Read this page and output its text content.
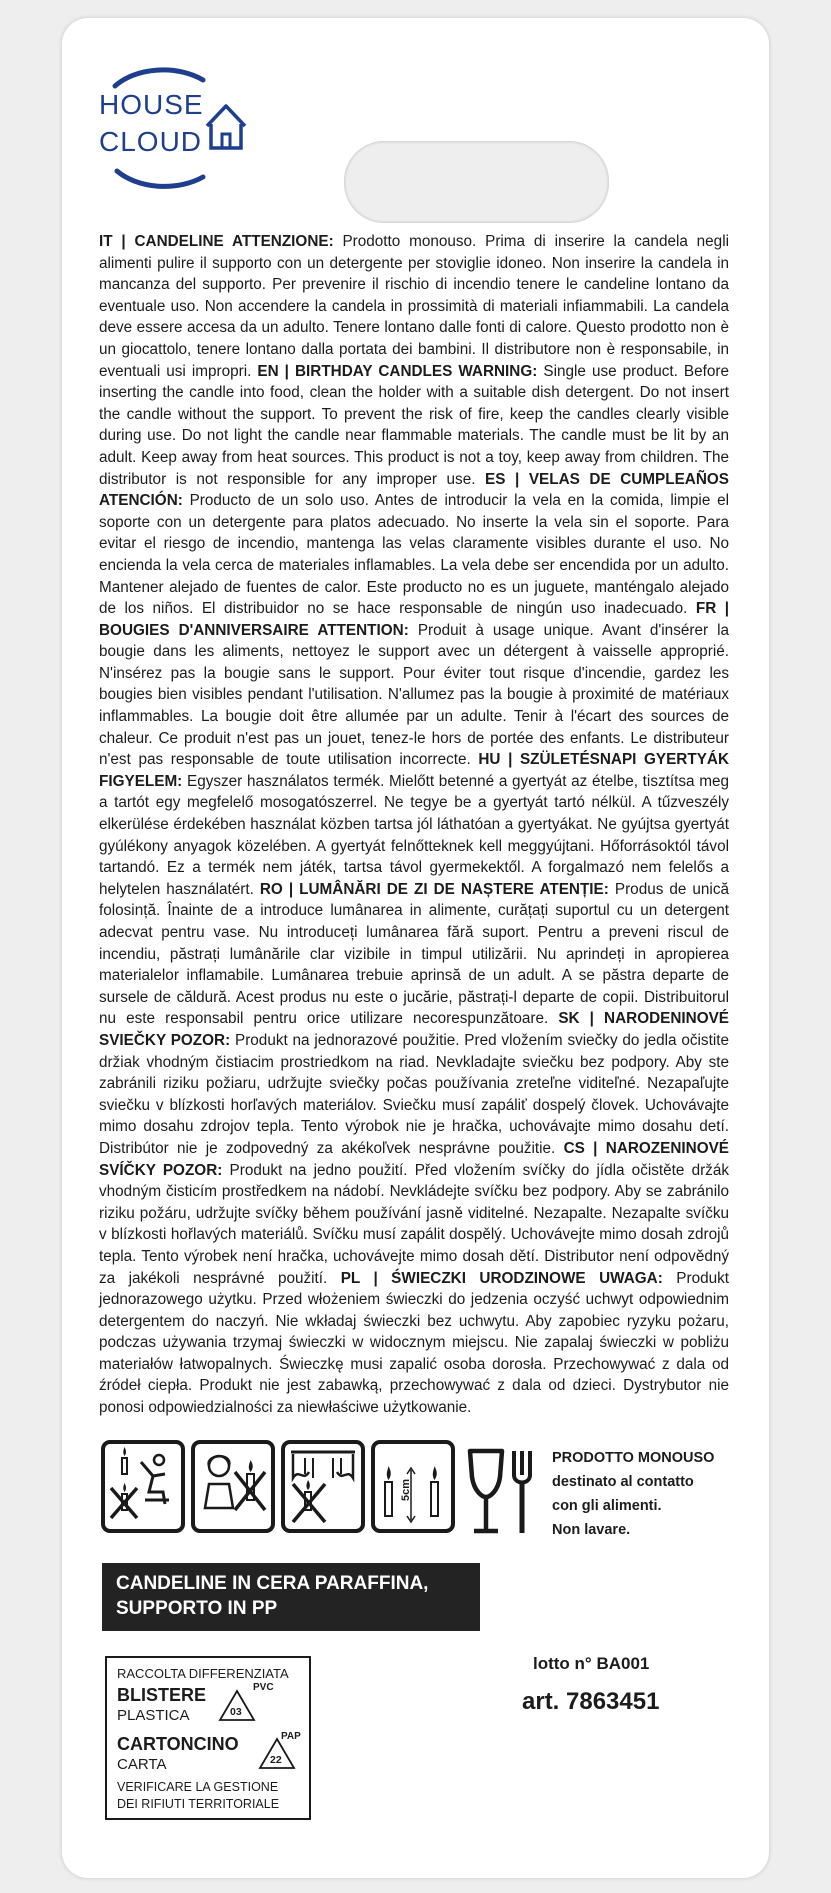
HOUSE
CLOUD
IT | CANDELINE ATTENZIONE: Prodotto monouso. Prima di inserire la candela negli alimenti pulire il supporto con un detergente per stoviglie idoneo. Non inserire la candela in mancanza del supporto. Per prevenire il rischio di incendio tenere le candeline lontano da eventuale uso. Non accendere la candela in prossimità di materiali infiammabili. La candela deve essere accesa da un adulto. Tenere lontano dalle fonti di calore. Questo prodotto non è un giocattolo, tenere lontano dalla portata dei bambini. Il distributore non è responsabile, in eventuali usi impropri. EN | BIRTHDAY CANDLES WARNING: Single use product. Before inserting the candle into food, clean the holder with a suitable dish detergent. Do not insert the candle without the support. To prevent the risk of fire, keep the candles clearly visible during use. Do not light the candle near flammable materials. The candle must be lit by an adult. Keep away from heat sources. This product is not a toy, keep away from children. The distributor is not responsible for any improper use. ES | VELAS DE CUMPLEAÑOS ATENCIÓN: Producto de un solo uso. Antes de introducir la vela en la comida, limpie el soporte con un detergente para platos adecuado. No inserte la vela sin el soporte. Para evitar el riesgo de incendio, mantenga las velas claramente visibles durante el uso. No encienda la vela cerca de materiales inflamables. La vela debe ser encendida por un adulto. Mantener alejado de fuentes de calor. Este producto no es un juguete, manténgalo alejado de los niños. El distribuidor no se hace responsable de ningún uso inadecuado. FR | BOUGIES D'ANNIVERSAIRE ATTENTION: Produit à usage unique. Avant d'insérer la bougie dans les aliments, nettoyez le support avec un détergent à vaisselle approprié. N'insérez pas la bougie sans le support. Pour éviter tout risque d'incendie, gardez les bougies bien visibles pendant l'utilisation. N'allumez pas la bougie à proximité de matériaux inflammables. La bougie doit être allumée par un adulte. Tenir à l'écart des sources de chaleur. Ce produit n'est pas un jouet, tenez-le hors de portée des enfants. Le distributeur n'est pas responsable de toute utilisation incorrecte. HU | SZÜLETÉSNAPI GYERTYÁK FIGYELEM: Egyszer használatos termék. Mielőtt betenné a gyertyát az ételbe, tisztítsa meg a tartót egy megfelelő mosogatószerrel. Ne tegye be a gyertyát tartó nélkül. A tűzveszély elkerülése érdekében használat közben tartsa jól láthatóan a gyertyákat. Ne gyújtsa gyertyát gyúlékony anyagok közelében. A gyertyát felnőtteknek kell meggyújtani. Hőforrásoktól távol tartandó. Ez a termék nem játék, tartsa távol gyermekektől. A forgalmazó nem felelős a helytelen használatért. RO | LUMÂNĂRI DE ZI DE NAȘTERE ATENȚIE: Produs de unică folosință. Înainte de a introduce lumânarea in alimente, curățați suportul cu un detergent adecvat pentru vase. Nu introduceți lumânarea fără suport. Pentru a preveni riscul de incendiu, păstrați lumânările clar vizibile in timpul utilizării. Nu aprindeți in apropierea materialelor inflamabile. Lumânarea trebuie aprinsă de un adult. A se păstra departe de sursele de căldură. Acest produs nu este o jucărie, păstrați-l departe de copii. Distribuitorul nu este responsabil pentru orice utilizare necorespunzătoare. SK | NARODENINOVÉ SVIEČKY POZOR: Produkt na jednorazové použitie. Pred vložením sviečky do jedla očistite držiak vhodným čistiacim prostriedkom na riad. Nevkladajte sviečku bez podpory. Aby ste zabránili riziku požiaru, udržujte sviečky počas používania zreteľne viditeľné. Nezapaľujte sviečku v blízkosti horľavých materiálov. Sviečku musí zapáliť dospelý človek. Uchovávajte mimo dosahu zdrojov tepla. Tento výrobok nie je hračka, uchovávajte mimo dosahu detí. Distribútor nie je zodpovedný za akékoľvek nesprávne použitie. CS | NAROZENINOVÉ SVÍČKY POZOR: Produkt na jedno použití. Před vložením svíčky do jídla očistěte držák vhodným čisticím prostředkem na nádobí. Nevkládejte svíčku bez podpory. Aby se zabránilo riziku požáru, udržujte svíčky během používání jasně viditelné. Nezapalte. Nezapalte svíčku v blízkosti hořlavých materiálů. Svíčku musí zapálit dospělý. Uchovávejte mimo dosah zdrojů tepla. Tento výrobek není hračka, uchovávejte mimo dosah dětí. Distributor není odpovědný za jakékoli nesprávné použití. PL | ŚWIECZKI URODZINOWE UWAGA: Produkt jednorazowego użytku. Przed włożeniem świeczki do jedzenia oczyść uchwyt odpowiednim detergentem do naczyń. Nie wkładaj świeczki bez uchwytu. Aby zapobiec ryzyku pożaru, podczas używania trzymaj świeczki w widocznym miejscu. Nie zapalaj świeczki w pobliżu materiałów łatwopalnych. Świeczkę musi zapalić osoba dorosła. Przechowywać z dala od źródeł ciepła. Produkt nie jest zabawką, przechowywać z dala od dzieci. Dystrybutor nie ponosi odpowiedzialności za niewłaściwe użytkowanie.
5cm
PRODOTTO MONOUSO
destinato al contatto
con gli alimenti.
Non lavare.
CANDELINE IN CERA PARAFFINA,
SUPPORTO IN PP
RACCOLTA DIFFERENZIATA
BLISTERE
PLASTICA	03
PVC
CARTONCINO
CARTA	22
PAP
VERIFICARE LA GESTIONE
DEI RIFIUTI TERRITORIALE
lotto n° BA001
art. 7863451
